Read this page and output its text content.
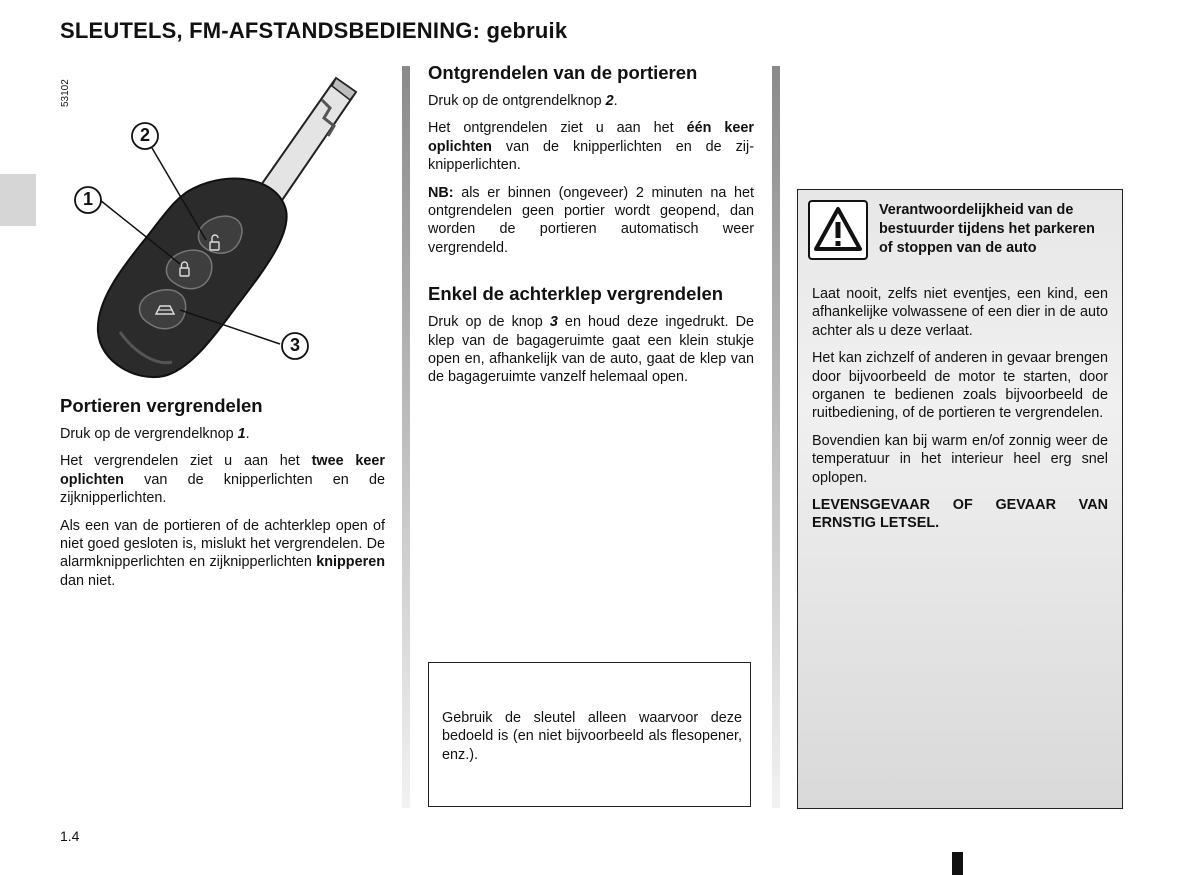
SLEUTELS, FM-AFSTANDSBEDIENING: gebruik
53102
1
2
3
Portieren vergrendelen

Druk op de vergrendelknop 1.

Het vergrendelen ziet u aan het twee keer oplichten van de knipperlichten en de zijknipperlichten.

Als een van de portieren of de achterklep open of niet goed gesloten is, mislukt het vergrendelen. De alarmknipperlichten en zijknipperlichten knipperen dan niet.

Ontgrendelen van de portieren

Druk op de ontgrendelknop 2.

Het ontgrendelen ziet u aan het één keer oplichten van de knipperlichten en de zijknipperlichten.

NB: als er binnen (ongeveer) 2 minuten na het ontgrendelen geen portier wordt geopend, dan worden de portieren automatisch weer vergrendeld.

Enkel de achterklep vergrendelen

Druk op de knop 3 en houd deze ingedrukt. De klep van de bagageruimte gaat een klein stukje open en, afhankelijk van de auto, gaat de klep van de bagageruimte vanzelf helemaal open.

Gebruik de sleutel alleen waarvoor deze bedoeld is (en niet bijvoorbeeld als flesopener, enz.).
Verantwoordelijkheid van de bestuurder tijdens het parkeren of stoppen van de auto

Laat nooit, zelfs niet eventjes, een kind, een afhankelijke volwassene of een dier in de auto achter als u deze verlaat.

Het kan zichzelf of anderen in gevaar brengen door bijvoorbeeld de motor te starten, door organen te bedienen zoals bijvoorbeeld de ruitbediening, of de portieren te vergrendelen.

Bovendien kan bij warm en/of zonnig weer de temperatuur in het interieur heel erg snel oplopen.

LEVENSGEVAAR OF GEVAAR VAN ERNSTIG LETSEL.

1.4
